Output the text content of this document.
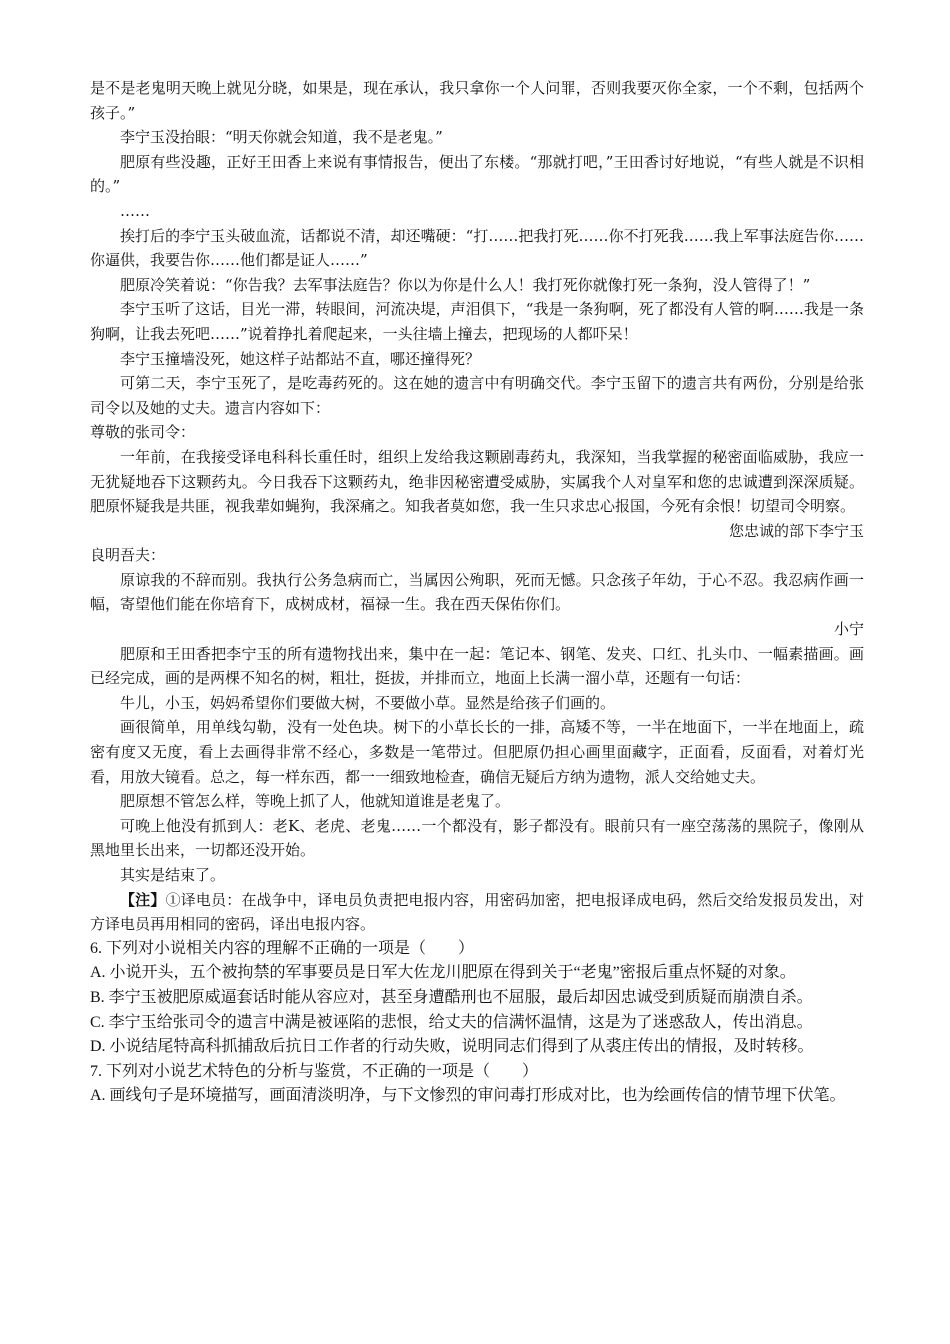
是不是老鬼明天晚上就见分晓，如果是，现在承认，我只拿你一个人问罪，否则我要灭你全家，一个不剩，包括两个孩子。”

李宁玉没抬眼：“明天你就会知道，我不是老鬼。”

肥原有些没趣，正好王田香上来说有事情报告，便出了东楼。“那就打吧，”王田香讨好地说，“有些人就是不识相的。”

……

挨打后的李宁玉头破血流，话都说不清，却还嘴硬：“打……把我打死……你不打死我……我上军事法庭告你……你逼供，我要告你……他们都是证人……”

肥原冷笑着说：“你告我？去军事法庭告？你以为你是什么人！我打死你就像打死一条狗，没人管得了！”

李宁玉听了这话，目光一滞，转眼间，河流决堤，声泪俱下，“我是一条狗啊，死了都没有人管的啊……我是一条狗啊，让我去死吧……”说着挣扎着爬起来，一头往墙上撞去，把现场的人都吓呆！

李宁玉撞墙没死，她这样子站都站不直，哪还撞得死？

可第二天，李宁玉死了，是吃毒药死的。这在她的遗言中有明确交代。李宁玉留下的遗言共有两份，分别是给张司令以及她的丈夫。遗言内容如下：

尊敬的张司令：

一年前，在我接受译电科科长重任时，组织上发给我这颗剧毒药丸，我深知，当我掌握的秘密面临威胁，我应一无犹疑地吞下这颗药丸。今日我吞下这颗药丸，绝非因秘密遭受威胁，实属我个人对皇军和您的忠诚遭到深深质疑。肥原怀疑我是共匪，视我辈如蝇狗，我深痛之。知我者莫如您，我一生只求忠心报国，今死有余恨！切望司令明察。

您忠诚的部下李宁玉

良明吾夫：

原谅我的不辞而别。我执行公务急病而亡，当属因公殉职，死而无憾。只念孩子年幼，于心不忍。我忍病作画一幅，寄望他们能在你培育下，成树成材，福禄一生。我在西天保佑你们。

小宁

肥原和王田香把李宁玉的所有遗物找出来，集中在一起：笔记本、钢笔、发夹、口红、扎头巾、一幅素描画。画已经完成，画的是两棵不知名的树，粗壮，挺拔，并排而立，地面上长满一溜小草，还题有一句话：

牛儿，小玉，妈妈希望你们要做大树，不要做小草。显然是给孩子们画的。

画很简单，用单线勾勒，没有一处色块。树下的小草长长的一排，高矮不等，一半在地面下，一半在地面上，疏密有度又无度，看上去画得非常不经心，多数是一笔带过。但肥原仍担心画里面藏字，正面看，反面看，对着灯光看，用放大镜看。总之，每一样东西，都一一细致地检查，确信无疑后方纳为遗物，派人交给她丈夫。

肥原想不管怎么样，等晚上抓了人，他就知道谁是老鬼了。

可晚上他没有抓到人：老K、老虎、老鬼……一个都没有，影子都没有。眼前只有一座空荡荡的黑院子，像刚从黑地里长出来，一切都还没开始。

其实是结束了。

【注】①译电员：在战争中，译电员负责把电报内容，用密码加密，把电报译成电码，然后交给发报员发出，对方译电员再用相同的密码，译出电报内容。

6. 下列对小说相关内容的理解不正确的一项是（　　）

A. 小说开头，五个被拘禁的军事要员是日军大佐龙川肥原在得到关于“老鬼”密报后重点怀疑的对象。

B. 李宁玉被肥原威逼套话时能从容应对，甚至身遭酷刑也不屈服，最后却因忠诚受到质疑而崩溃自杀。

C. 李宁玉给张司令的遗言中满是被诬陷的悲恨，给丈夫的信满怀温情，这是为了迷惑敌人，传出消息。

D. 小说结尾特高科抓捕敌后抗日工作者的行动失败，说明同志们得到了从裘庄传出的情报，及时转移。

7. 下列对小说艺术特色的分析与鉴赏，不正确的一项是（　　）

A. 画线句子是环境描写，画面清淡明净，与下文惨烈的审问毒打形成对比，也为绘画传信的情节埋下伏笔。
